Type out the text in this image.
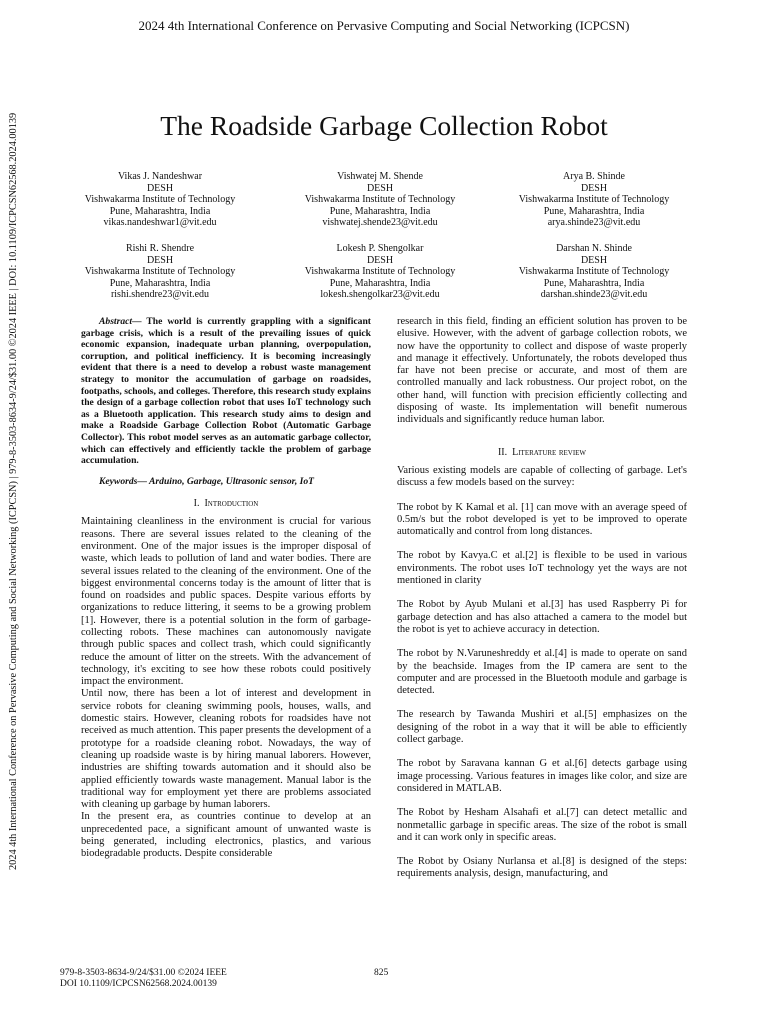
2024 4th International Conference on Pervasive Computing and Social Networking (ICPCSN)
2024 4th International Conference on Pervasive Computing and Social Networking (ICPCSN) | 979-8-3503-8634-9/24/$31.00 ©2024 IEEE | DOI: 10.1109/ICPCSN62568.2024.00139	The Roadside Garbage Collection Robot
Vikas J. Nandeshwar
DESH
Vishwakarma Institute of Technology
Pune, Maharashtra, India
vikas.nandeshwar1@vit.edu
Vishwatej M. Shende
DESH
Vishwakarma Institute of Technology
Pune, Maharashtra, India
vishwatej.shende23@vit.edu
Arya B. Shinde
DESH
Vishwakarma Institute of Technology
Pune, Maharashtra, India
arya.shinde23@vit.edu
Rishi R. Shendre
DESH
Vishwakarma Institute of Technology
Pune, Maharashtra, India
rishi.shendre23@vit.edu
Lokesh P. Shengolkar
DESH
Vishwakarma Institute of Technology
Pune, Maharashtra, India
lokesh.shengolkar23@vit.edu
Darshan N. Shinde
DESH
Vishwakarma Institute of Technology
Pune, Maharashtra, India
darshan.shinde23@vit.edu

Abstract— The world is currently grappling with a significant garbage crisis, which is a result of the prevailing issues of quick economic expansion, inadequate urban planning, overpopulation, corruption, and political inefficiency. It is becoming increasingly evident that there is a need to develop a robust waste management strategy to monitor the accumulation of garbage on roadsides, footpaths, schools, and colleges. Therefore, this research study explains the design of a garbage collection robot that uses IoT technology such as a Bluetooth application. This research study aims to design and make a Roadside Garbage Collection Robot (Automatic Garbage Collector). This robot model serves as an automatic garbage collector, which can effectively and efficiently tackle the problem of garbage accumulation.

Keywords— Arduino, Garbage, Ultrasonic sensor, IoT

I. Introduction

Maintaining cleanliness in the environment is crucial for various reasons. There are several issues related to the cleaning of the environment. One of the major issues is the improper disposal of waste, which leads to pollution of land and water bodies. There are several issues related to the cleaning of the environment. One of the biggest environmental concerns today is the amount of litter that is found on roadsides and public spaces. Despite various efforts by organizations to reduce littering, it seems to be a growing problem [1]. However, there is a potential solution in the form of garbage-collecting robots. These machines can autonomously navigate through public spaces and collect trash, which could significantly reduce the amount of litter on the streets. With the advancement of technology, it's exciting to see how these robots could positively impact the environment.

Until now, there has been a lot of interest and development in service robots for cleaning swimming pools, houses, walls, and domestic stairs. However, cleaning robots for roadsides have not received as much attention. This paper presents the development of a prototype for a roadside cleaning robot. Nowadays, the way of cleaning up roadside waste is by hiring manual laborers. However, industries are shifting towards automation and it should also be applied efficiently towards waste management. Manual labor is the traditional way for employment yet there are problems associated with cleaning up garbage by human laborers.

In the present era, as countries continue to develop at an unprecedented pace, a significant amount of unwanted waste is being generated, including electronics, plastics, and various biodegradable products. Despite considerable

research in this field, finding an efficient solution has proven to be elusive. However, with the advent of garbage collection robots, we now have the opportunity to collect and dispose of waste properly and manage it effectively. Unfortunately, the robots developed thus far have not been precise or accurate, and most of them are controlled manually and lack robustness. Our project robot, on the other hand, will function with precision efficiently collecting and disposing of waste. Its implementation will benefit numerous individuals and significantly reduce human labor.

II. Literature review

Various existing models are capable of collecting of garbage. Let's discuss a few models based on the survey:

The robot by K Kamal et al. [1] can move with an average speed of 0.5m/s but the robot developed is yet to be improved to operate automatically and control from long distances.

The robot by Kavya.C et al.[2] is flexible to be used in various environments. The robot uses IoT technology yet the ways are not mentioned in clarity

The Robot by Ayub Mulani et al.[3] has used Raspberry Pi for garbage detection and has also attached a camera to the model but the robot is yet to achieve accuracy in detection.

The robot by N.Varuneshreddy et al.[4] is made to operate on sand by the beachside. Images from the IP camera are sent to the computer and are processed in the Bluetooth module and garbage is detected.

The research by Tawanda Mushiri et al.[5] emphasizes on the designing of the robot in a way that it will be able to efficiently collect garbage.

The robot by Saravana kannan G et al.[6] detects garbage using image processing. Various features in images like color, and size are considered in MATLAB.

The Robot by Hesham Alsahafi et al.[7] can detect metallic and nonmetallic garbage in specific areas. The size of the robot is small and it can work only in specific areas.

The Robot by Osiany Nurlansa et al.[8] is designed of the steps: requirements analysis, design, manufacturing, and

979-8-3503-8634-9/24/$31.00 ©2024 IEEE
DOI 10.1109/ICPCSN62568.2024.00139
825
